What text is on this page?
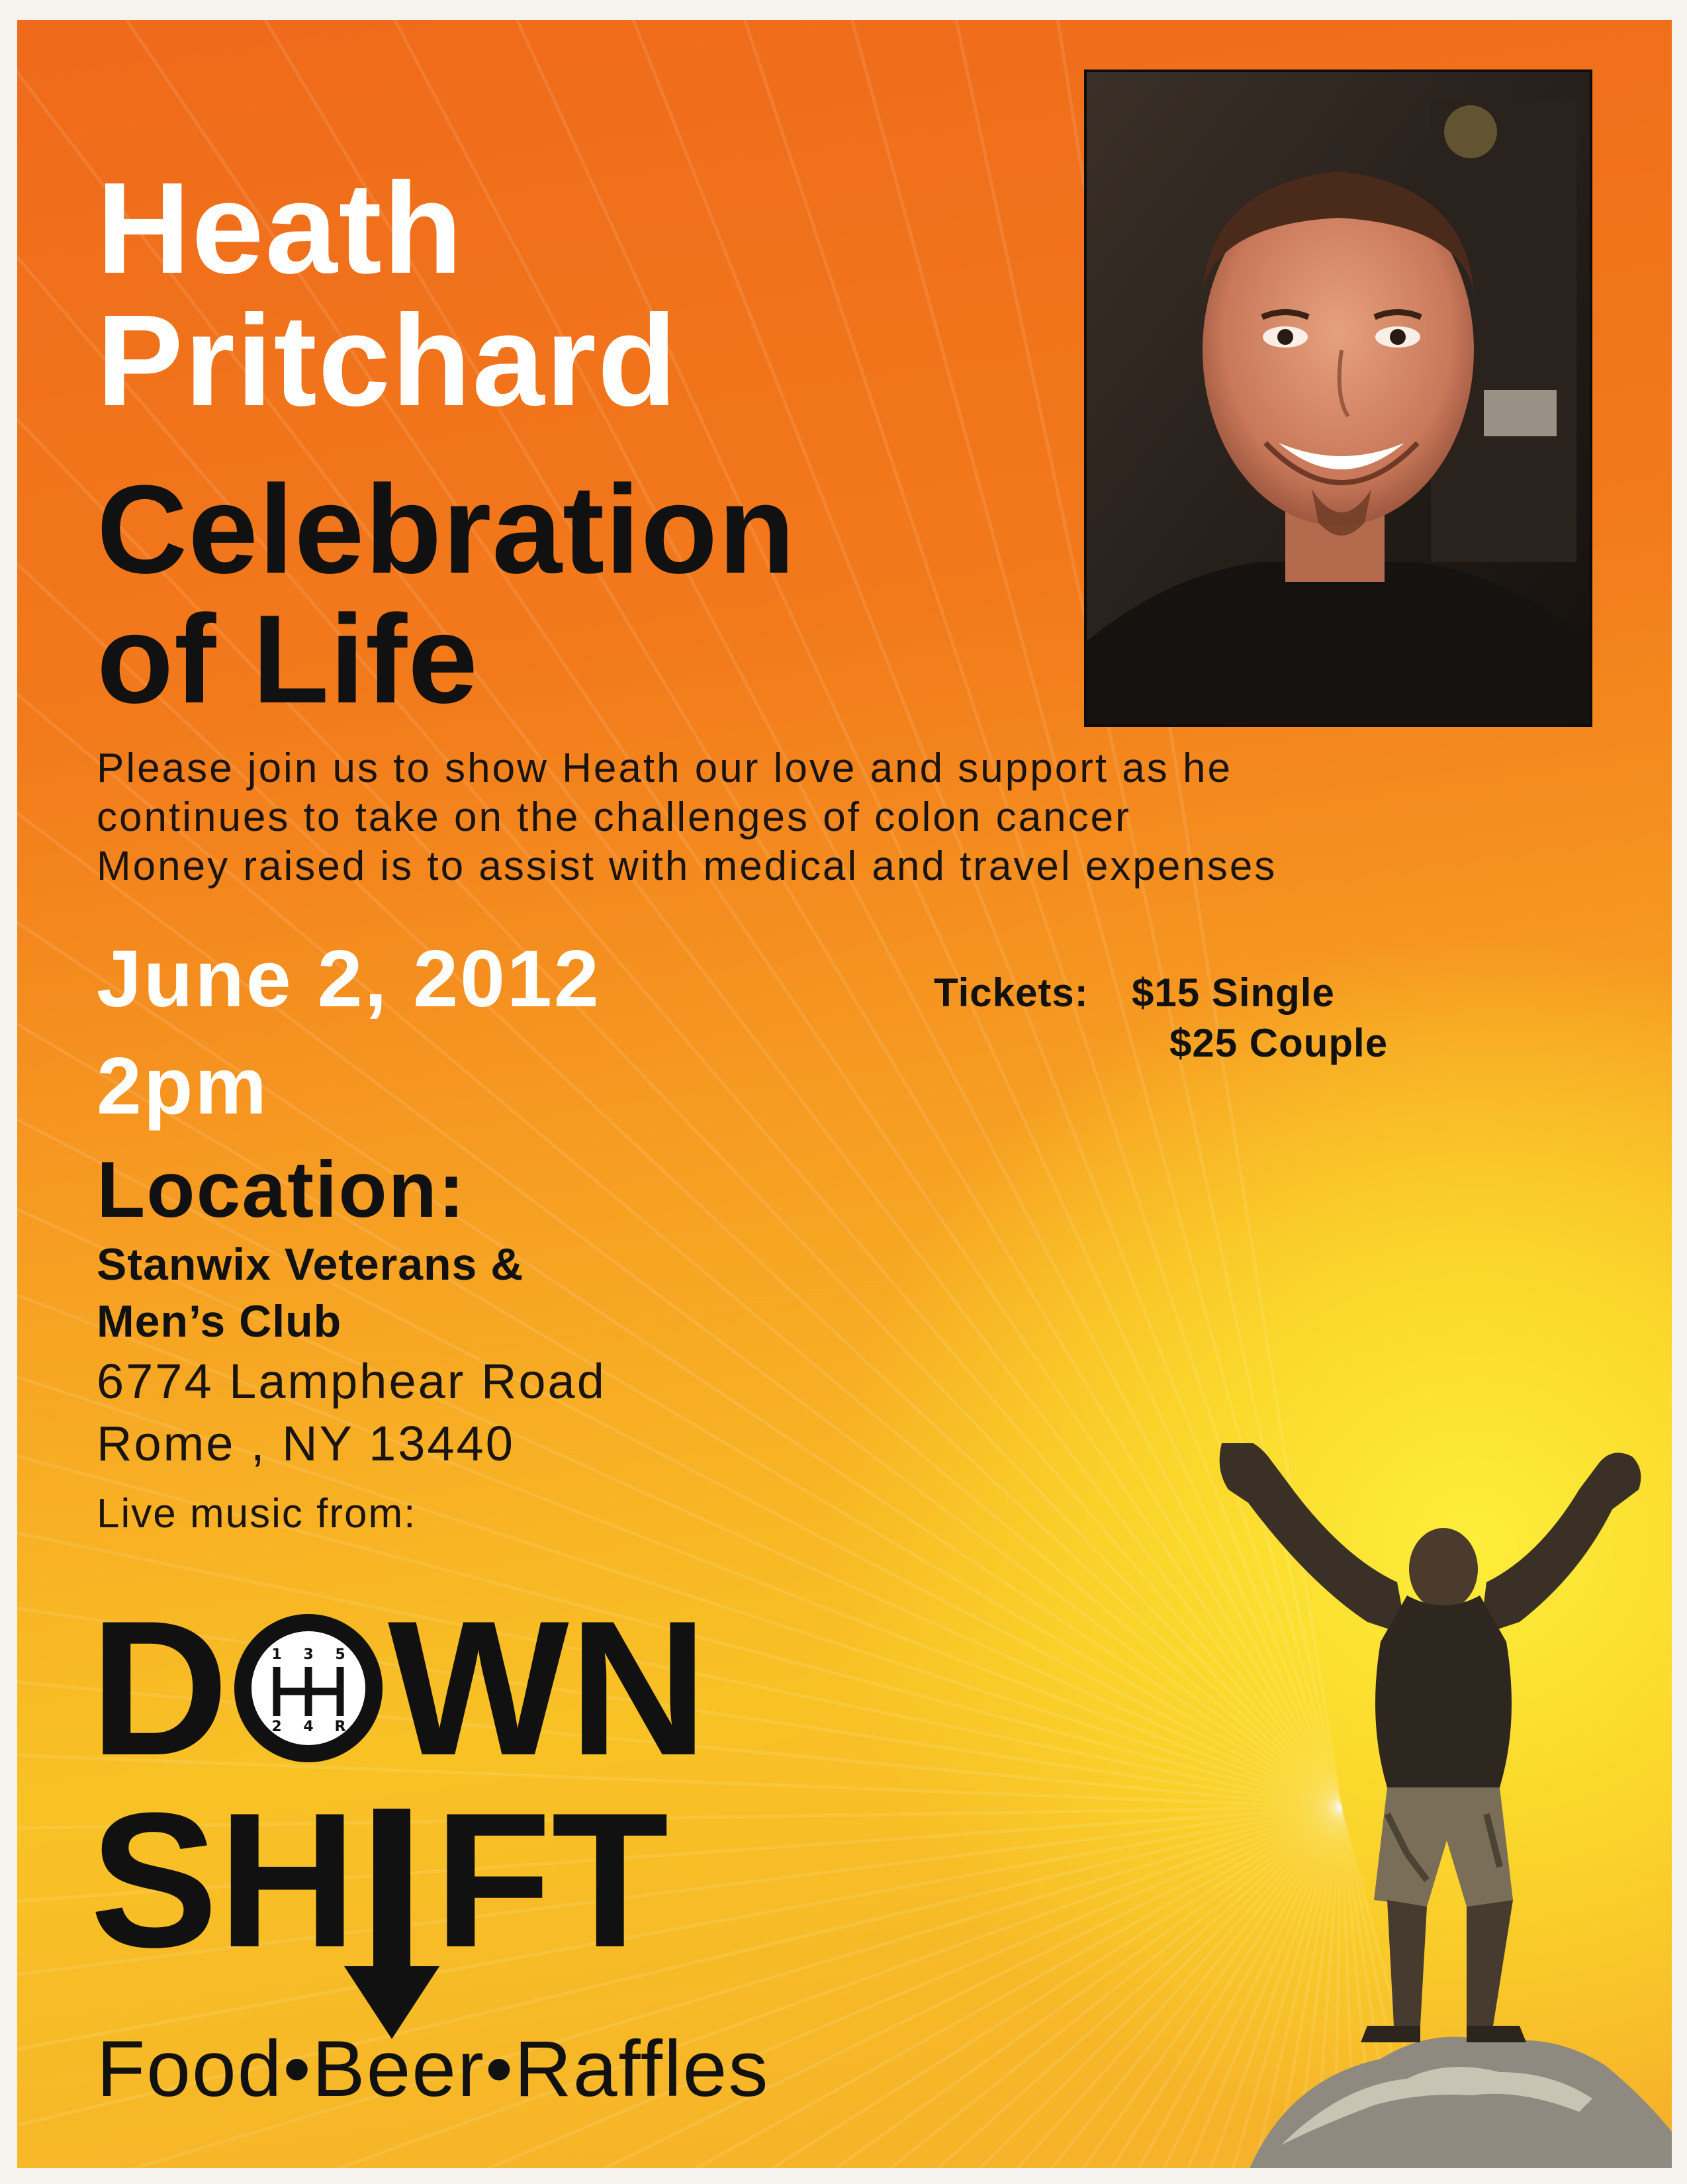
Heath
Pritchard
Celebration
of Life
Please join us to show Heath our love and support as he
continues to take on the challenges of colon cancer
Money raised is to assist with medical and travel expenses
June 2, 2012
2pm
Tickets: $15 Single
$25 Couple
Location:
Stanwix Veterans &
Men’s Club
6774 Lamphear Road
Rome , NY 13440
Live music from:
D	1 3 5
2 4 R WN
SH FT
Food•Beer•Raffles
